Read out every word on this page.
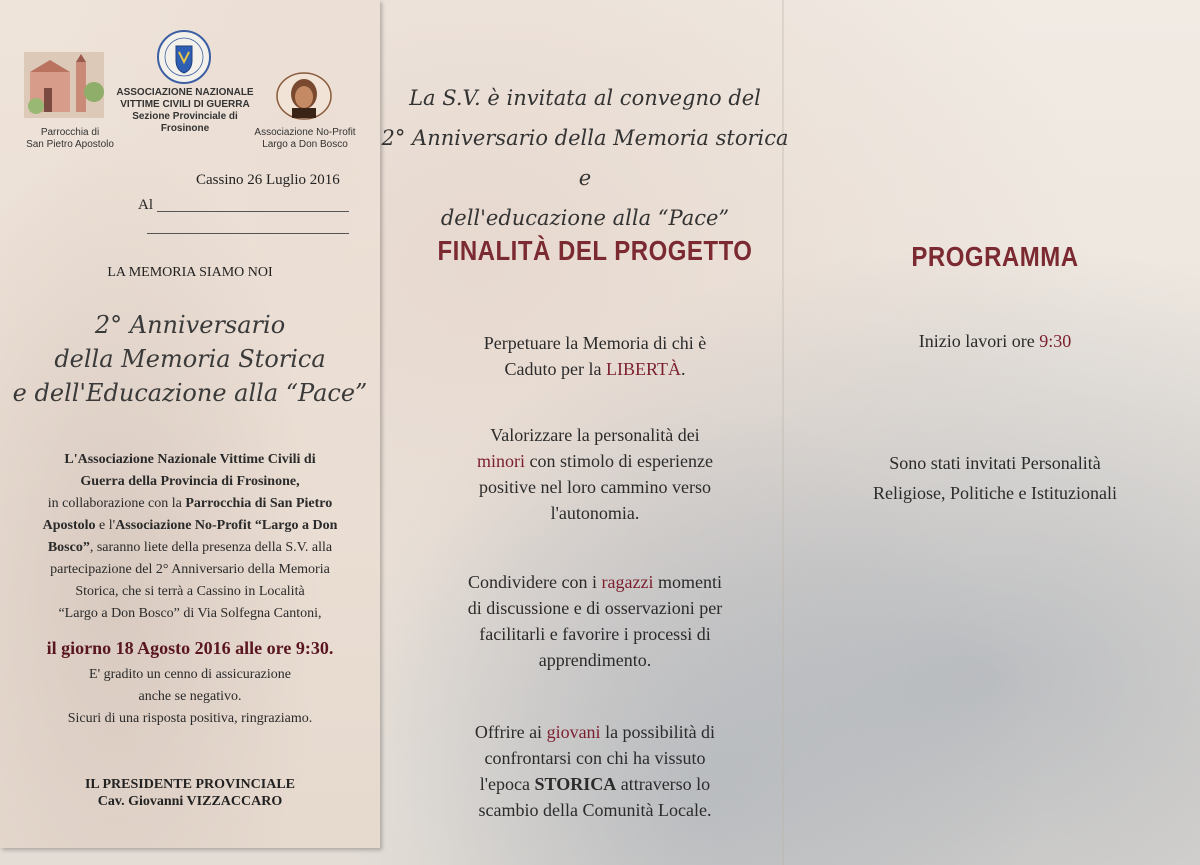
Parrocchia di
San Pietro Apostolo
ASSOCIAZIONE NAZIONALE
VITTIME CIVILI DI GUERRA
Sezione Provinciale di
Frosinone	Associazione No-Profit
Largo a Don Bosco
Cassino 26 Luglio 2016
Al
LA MEMORIA SIAMO NOI
2° Anniversario
della Memoria Storica
e dell'Educazione alla “Pace”
L'Associazione Nazionale Vittime Civili di
Guerra della Provincia di Frosinone,
in collaborazione con la Parrocchia di San Pietro
Apostolo e l'Associazione No-Profit “Largo a Don
Bosco”, saranno liete della presenza della S.V. alla
partecipazione del 2° Anniversario della Memoria
Storica, che si terrà a Cassino in Località
“Largo a Don Bosco” di Via Solfegna Cantoni,
il giorno 18 Agosto 2016 alle ore 9:30.
E' gradito un cenno di assicurazione
anche se negativo.
Sicuri di una risposta positiva, ringraziamo.
IL PRESIDENTE PROVINCIALE
Cav. Giovanni VIZZACCARO
La S.V. è invitata al convegno del
2° Anniversario della Memoria storica e
dell'educazione alla “Pace”
FINALITÀ DEL PROGETTO
Perpetuare la Memoria di chi è
Caduto per la LIBERTÀ.
Valorizzare la personalità dei
minori con stimolo di esperienze
positive nel loro cammino verso
l'autonomia.
Condividere con i ragazzi momenti
di discussione e di osservazioni per
facilitarli e favorire i processi di
apprendimento.
Offrire ai giovani la possibilità di
confrontarsi con chi ha vissuto
l'epoca STORICA attraverso lo
scambio della Comunità Locale.
PROGRAMMA
Inizio lavori ore 9:30
Sono stati invitati Personalità
Religiose, Politiche e Istituzionali
